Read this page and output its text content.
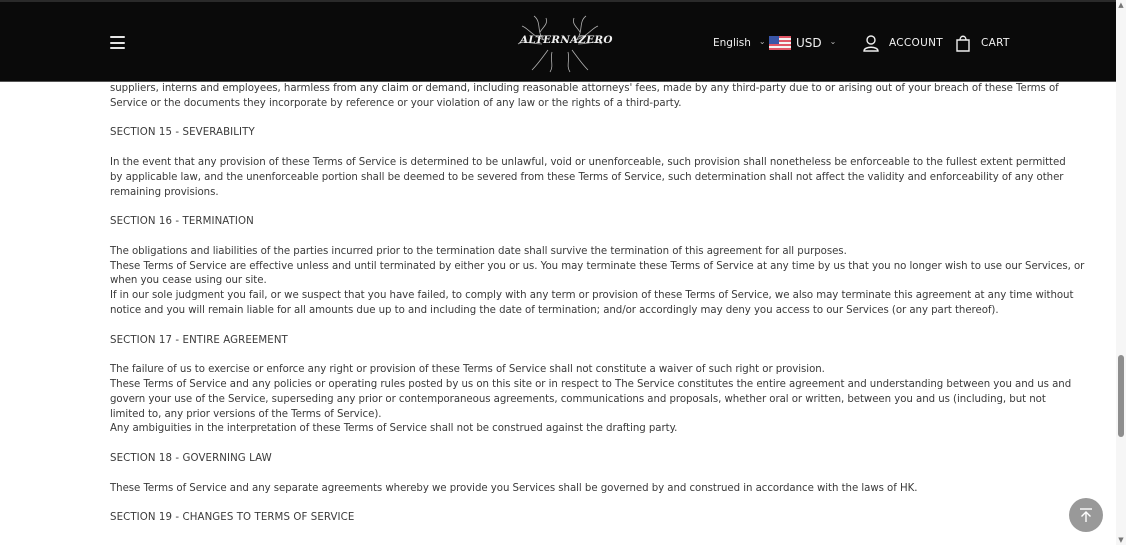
ALTERNAZERO	English ⌄	USD ⌄	ACCOUNT	CART

suppliers, interns and employees, harmless from any claim or demand, including reasonable attorneys' fees, made by any third-party due to or arising out of your breach of these Terms of
Service or the documents they incorporate by reference or your violation of any law or the rights of a third-party.

SECTION 15 - SEVERABILITY

In the event that any provision of these Terms of Service is determined to be unlawful, void or unenforceable, such provision shall nonetheless be enforceable to the fullest extent permitted
by applicable law, and the unenforceable portion shall be deemed to be severed from these Terms of Service, such determination shall not affect the validity and enforceability of any other
remaining provisions.

SECTION 16 - TERMINATION

The obligations and liabilities of the parties incurred prior to the termination date shall survive the termination of this agreement for all purposes.
These Terms of Service are effective unless and until terminated by either you or us. You may terminate these Terms of Service at any time by us that you no longer wish to use our Services, or
when you cease using our site.
If in our sole judgment you fail, or we suspect that you have failed, to comply with any term or provision of these Terms of Service, we also may terminate this agreement at any time without
notice and you will remain liable for all amounts due up to and including the date of termination; and/or accordingly may deny you access to our Services (or any part thereof).

SECTION 17 - ENTIRE AGREEMENT

The failure of us to exercise or enforce any right or provision of these Terms of Service shall not constitute a waiver of such right or provision.
These Terms of Service and any policies or operating rules posted by us on this site or in respect to The Service constitutes the entire agreement and understanding between you and us and
govern your use of the Service, superseding any prior or contemporaneous agreements, communications and proposals, whether oral or written, between you and us (including, but not
limited to, any prior versions of the Terms of Service).
Any ambiguities in the interpretation of these Terms of Service shall not be construed against the drafting party.

SECTION 18 - GOVERNING LAW

These Terms of Service and any separate agreements whereby we provide you Services shall be governed by and construed in accordance with the laws of HK.

SECTION 19 - CHANGES TO TERMS OF SERVICE
▲
▼
